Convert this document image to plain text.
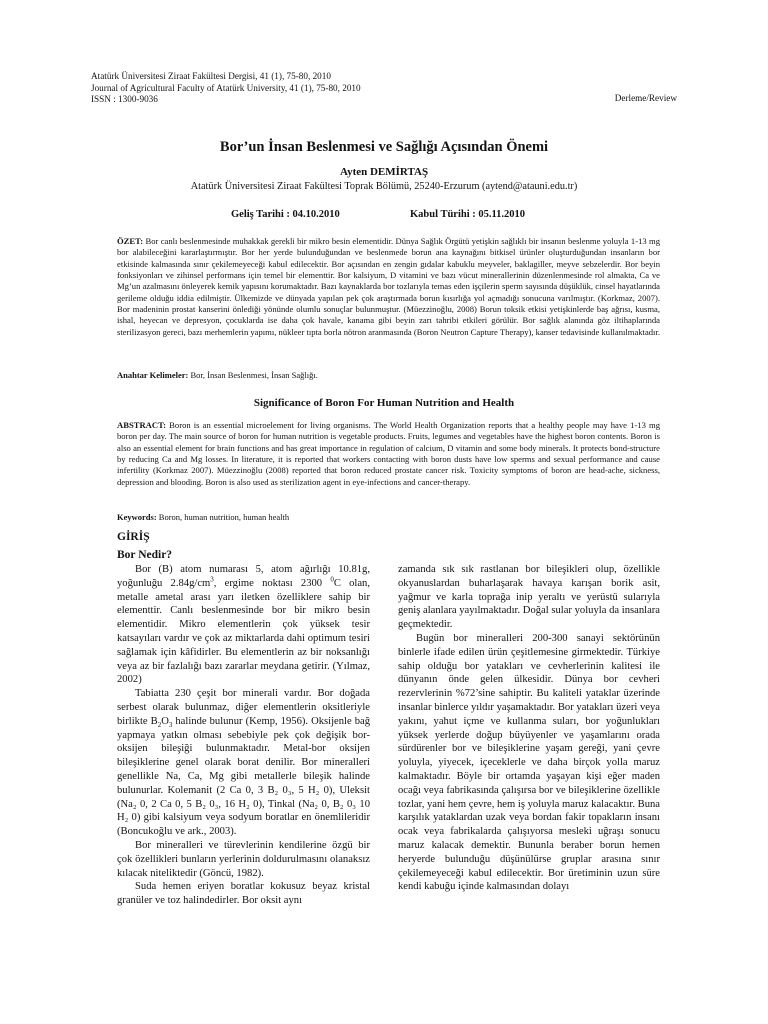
Atatürk Üniversitesi Ziraat Fakültesi Dergisi, 41 (1), 75-80, 2010
Journal of Agricultural Faculty of Atatürk University, 41 (1), 75-80, 2010
ISSN : 1300-9036	Derleme/Review
Bor’un İnsan Beslenmesi ve Sağlığı Açısından Önemi
Ayten DEMİRTAŞ
Atatürk Üniversitesi Ziraat Fakültesi Toprak Bölümü, 25240-Erzurum (aytend@atauni.edu.tr)
Geliş Tarihi : 04.10.2010	Kabul Türihi : 05.11.2010
ÖZET: Bor canlı beslenmesinde muhakkak gerekli bir mikro besin elementidir. Dünya Sağlık Örgütü yetişkin sağlıklı bir insanın beslenme yoluyla 1-13 mg bor alabileceğini kararlaştırmıştır. Bor her yerde bulunduğundan ve beslenmede borun ana kaynağını bitkisel ürünler oluşturduğundan insanların bor etkisinde kalmasında sınır çekilemeyeceği kabul edilecektir. Bor açısından en zengin gıdalar kabuklu meyveler, baklagiller, meyve sebzelerdir. Bor beyin fonksiyonları ve zihinsel performans için temel bir elementtir. Bor kalsiyum, D vitamini ve bazı vücut minerallerinin düzenlenmesinde rol almakta, Ca ve Mg’un azalmasını önleyerek kemik yapısını korumaktadır. Bazı kaynaklarda bor tozlarıyla temas eden işçilerin sperm sayısında düşüklük, cinsel hayatlarında gerileme olduğu iddia edilmiştir. Ülkemizde ve dünyada yapılan pek çok araştırmada borun kısırlığa yol açmadığı sonucuna varılmıştır. (Korkmaz, 2007). Bor madeninin prostat kanserini önlediği yönünde olumlu sonuçlar bulunmuştur. (Müezzinoğlu, 2008) Borun toksik etkisi yetişkinlerde baş ağrısı, kusma, ishal, heyecan ve depresyon, çocuklarda ise daha çok havale, kanama gibi beyin zarı tahribi etkileri görülür. Bor sağlık alanında göz iltihaplarında sterilizasyon gereci, bazı merhemlerin yapımı, nükleer tıpta borla nötron aranmasında (Boron Neutron Capture Therapy), kanser tedavisinde kullanılmaktadır.
Anahtar Kelimeler: Bor, İnsan Beslenmesi, İnsan Sağlığı.
Significance of Boron For Human Nutrition and Health
ABSTRACT: Boron is an essential microelement for living organisms. The World Health Organization reports that a healthy people may have 1-13 mg boron per day. The main source of boron for human nutrition is vegetable products. Fruits, legumes and vegetables have the highest boron contents. Boron is also an essential element for brain functions and has great importance in regulation of calcium, D vitamin and some body minerals. It protects bond-structure by reducing Ca and Mg losses. In literature, it is reported that workers contacting with boron dusts have low sperms and sexual performance and cause infertility (Korkmaz 2007). Müezzinoğlu (2008) reported that boron reduced prostate cancer risk. Toxicity symptoms of boron are head-ache, sickness, depression and blooding. Boron is also used as sterilization agent in eye-infections and cancer-therapy.
Keywords: Boron, human nutrition, human health
GİRİŞ
Bor Nedir?

Bor (B) atom numarası 5, atom ağırlığı 10.81g, yoğunluğu $2.84g/cm^3$, ergime noktası 2300 $^0$C olan, metalle ametal arası yarı iletken özelliklere sahip bir elementtir. Canlı beslenmesinde bor bir mikro besin elementidir. Mikro elementlerin çok yüksek tesir katsayıları vardır ve çok az miktarlarda dahi optimum tesiri sağlamak için kâfidirler. Bu elementlerin az bir noksanlığı veya az bir fazlalığı bazı zararlar meydana getirir. (Yılmaz, 2002)

Tabiatta 230 çeşit bor minerali vardır. Bor doğada serbest olarak bulunmaz, diğer elementlerin oksitleriyle birlikte $B_2O_3$ halinde bulunur (Kemp, 1956). Oksijenle bağ yapmaya yatkın olması sebebiyle pek çok değişik bor-oksijen bileşiği bulunmaktadır. Metal-bor oksijen bileşiklerine genel olarak borat denilir. Bor mineralleri genellikle Na, Ca, Mg gibi metallerle bileşik halinde bulunurlar. Kolemanit (2 Ca 0, 3 B₂ 0₃, 5 H₂ 0), Uleksit (Na₂ 0, 2 Ca 0, 5 B₂ 0₃, 16 H₂ 0), Tinkal (Na₂ 0, B₂ 0₃ 10 H₂ 0) gibi kalsiyum veya sodyum boratlar en önemlileridir (Boncukoğlu ve ark., 2003).

Bor mineralleri ve türevlerinin kendilerine özgü bir çok özellikleri bunların yerlerinin doldurulmasını olanaksız kılacak niteliktedir (Göncü, 1982).

Suda hemen eriyen boratlar kokusuz beyaz kristal granüler ve toz halindedirler. Bor oksit aynı

zamanda sık sık rastlanan bor bileşikleri olup, özellikle okyanuslardan buharlaşarak havaya karışan borik asit, yağmur ve karla toprağa inip yeraltı ve yerüstü sularıyla geniş alanlara yayılmaktadır. Doğal sular yoluyla da insanlara geçmektedir.

Bugün bor mineralleri 200-300 sanayi sektörünün binlerle ifade edilen ürün çeşitlemesine girmektedir. Türkiye sahip olduğu bor yatakları ve cevherlerinin kalitesi ile dünyanın önde gelen ülkesidir. Dünya bor cevheri rezervlerinin %72’sine sahiptir. Bu kaliteli yataklar üzerinde insanlar binlerce yıldır yaşamaktadır. Bor yatakları üzeri veya yakını, yahut içme ve kullanma suları, bor yoğunlukları yüksek yerlerde doğup büyüyenler ve yaşamlarını orada sürdürenler bor ve bileşiklerine yaşam gereği, yani çevre yoluyla, yiyecek, içeceklerle ve daha birçok yolla maruz kalmaktadır. Böyle bir ortamda yaşayan kişi eğer maden ocağı veya fabrikasında çalışırsa bor ve bileşiklerine özellikle tozlar, yani hem çevre, hem iş yoluyla maruz kalacaktır. Buna karşılık yataklardan uzak veya bordan fakir topakların insanı ocak veya fabrikalarda çalışıyorsa mesleki uğraşı sonucu maruz kalacak demektir. Bununla beraber borun hemen heryerde bulunduğu düşünülürse gruplar arasına sınır çekilemeyeceği kabul edilecektir. Bor üretiminin uzun süre kendi kabuğu içinde kalmasından dolayı
